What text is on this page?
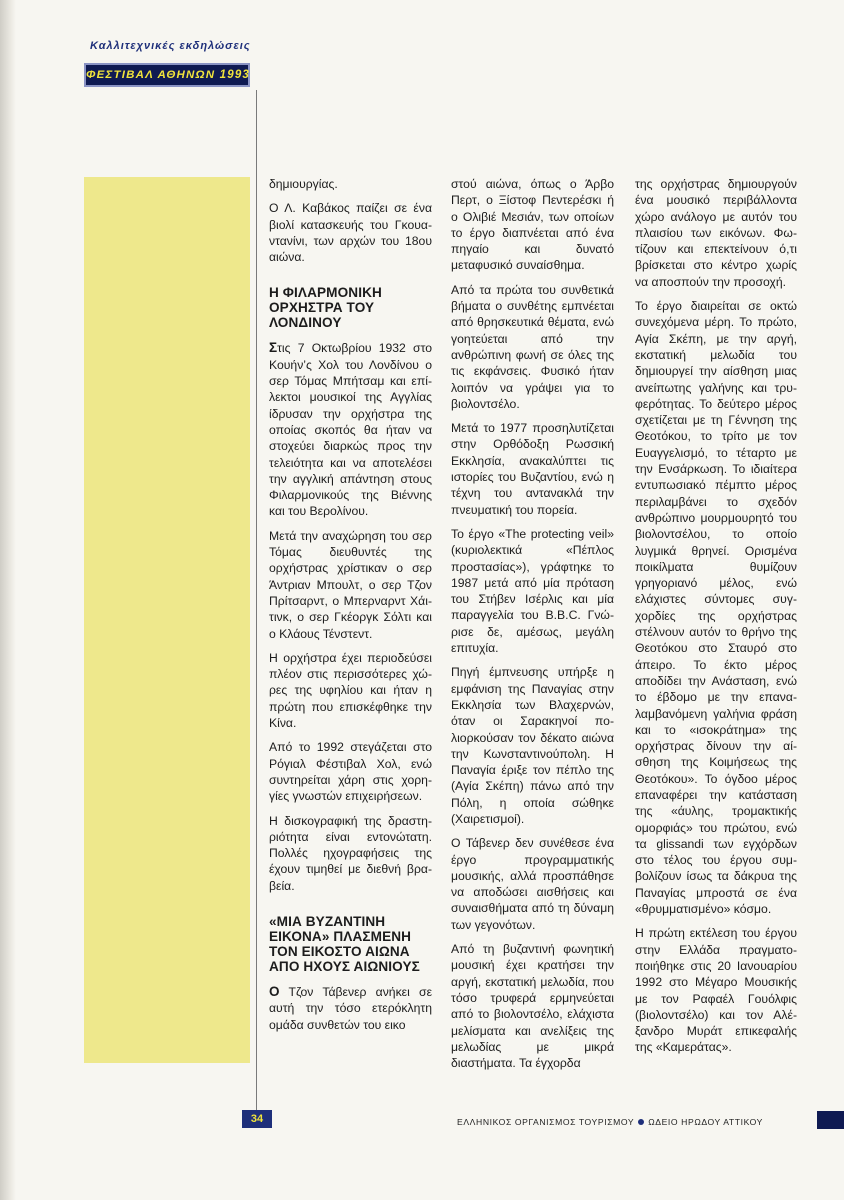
Καλλιτεχνικές εκδηλώσεις
ΦΕΣΤΙΒΑΛ ΑΘΗΝΩΝ 1993

δημιουργίας.

Ο Λ. Καβάκος παίζει σε ένα βιολί κατασκευής του Γκουαντανίνι, των αρχών του 18ου αιώνα.

Η ΦΙΛΑΡΜΟΝΙΚΗ ΟΡΧΗΣΤΡΑ ΤΟΥ ΛΟΝΔΙΝΟΥ

Στις 7 Οκτωβρίου 1932 στο Κουήν’ς Χολ του Λονδίνου ο σερ Τόμας Μπήτσαμ και επίλεκτοι μουσικοί της Αγγλίας ίδρυσαν την ορχήστρα της οποίας σκοπός θα ήταν να στοχεύει διαρκώς προς την τελειότητα και να αποτελέσει την αγγλική απάντηση στους Φιλαρμονικούς της Βιέννης και του Βερολίνου.

Μετά την αναχώρηση του σερ Τόμας διευθυντές της ορχήστρας χρίστικαν ο σερ Άντριαν Μπουλτ, ο σερ Τζον Πρίτσαρντ, ο Μπερναρντ Χάιτινκ, ο σερ Γκέοργκ Σόλτι και ο Κλάους Τένστεντ.

Η ορχήστρα έχει περιοδεύσει πλέον στις περισσότερες χώρες της υφηλίου και ήταν η πρώτη που επισκέφθηκε την Κίνα.

Από το 1992 στεγάζεται στο Ρόγιαλ Φέστιβαλ Χολ, ενώ συντηρείται χάρη στις χορηγίες γνωστών επιχειρήσεων.

Η δισκογραφική της δραστηριότητα είναι εντονώτατη. Πολλές ηχογραφήσεις της έχουν τιμηθεί με διεθνή βραβεία.

«ΜΙΑ ΒΥΖΑΝΤΙΝΗ ΕΙΚΟΝΑ» ΠΛΑΣΜΕΝΗ ΤΟΝ ΕΙΚΟΣΤΟ ΑΙΩΝΑ ΑΠΟ ΗΧΟΥΣ ΑΙΩΝΙΟΥΣ

Ο Τζον Τάβενερ ανήκει σε αυτή την τόσο ετερόκλητη ομάδα συνθετών του εικο

στού αιώνα, όπως ο Άρβο Περτ, ο Ξίστοφ Πεντερέσκι ή ο Ολιβιέ Μεσιάν, των οποίων το έργο διαπνέεται από ένα πηγαίο και δυνατό μεταφυσικό συναίσθημα.

Από τα πρώτα του συνθετικά βήματα ο συνθέτης εμπνέεται από θρησκευτικά θέματα, ενώ γοητεύεται από την ανθρώπινη φωνή σε όλες της τις εκφάνσεις. Φυσικό ήταν λοιπόν να γράψει για το βιολοντσέλο.

Μετά το 1977 προσηλυτίζεται στην Ορθόδοξη Ρωσσική Εκκλησία, ανακαλύπτει τις ιστορίες του Βυζαντίου, ενώ η τέχνη του αντανακλά την πνευματική του πορεία.

Το έργο «The protecting veil» (κυριολεκτικά «Πέπλος προστασίας»), γράφτηκε το 1987 μετά από μία πρόταση του Στήβεν Ισέρλις και μία παραγγελία του B.B.C. Γνώρισε δε, αμέσως, μεγάλη επιτυχία.

Πηγή έμπνευσης υπήρξε η εμφάνιση της Παναγίας στην Εκκλησία των Βλαχερνών, όταν οι Σαρακηνοί πολιορκούσαν τον δέκατο αιώνα την Κωνσταντινούπολη. Η Παναγία έριξε τον πέπλο της (Αγία Σκέπη) πάνω από την Πόλη, η οποία σώθηκε (Χαιρετισμοί).

Ο Τάβενερ δεν συνέθεσε ένα έργο προγραμματικής μουσικής, αλλά προσπάθησε να αποδώσει αισθήσεις και συναισθήματα από τη δύναμη των γεγονότων.

Από τη βυζαντινή φωνητική μουσική έχει κρατήσει την αργή, εκστατική μελωδία, που τόσο τρυφερά ερμηνεύεται από το βιολοντσέλο, ελάχιστα μελίσματα και ανελίξεις της μελωδίας με μικρά διαστήματα. Τα έγχορδα

της ορχήστρας δημιουργούν ένα μουσικό περιβάλλοντα χώρο ανάλογο με αυτόν του πλαισίου των εικόνων. Φωτίζουν και επεκτείνουν ό,τι βρίσκεται στο κέντρο χωρίς να αποσπούν την προσοχή.

Το έργο διαιρείται σε οκτώ συνεχόμενα μέρη. Το πρώτο, Αγία Σκέπη, με την αργή, εκστατική μελωδία του δημιουργεί την αίσθηση μιας ανείπωτης γαλήνης και τρυφερότητας. Το δεύτερο μέρος σχετίζεται με τη Γέννηση της Θεοτόκου, το τρίτο με τον Ευαγγελισμό, το τέταρτο με την Ενσάρκωση. Το ιδιαίτερα εντυπωσιακό πέμπτο μέρος περιλαμβάνει το σχεδόν ανθρώπινο μουρμουρητό του βιολοντσέλου, το οποίο λυγμικά θρηνεί. Ορισμένα ποικίλματα θυμίζουν γρηγοριανό μέλος, ενώ ελάχιστες σύντομες συγχορδίες της ορχήστρας στέλνουν αυτόν το θρήνο της Θεοτόκου στο Σταυρό στο άπειρο. Το έκτο μέρος αποδίδει την Ανάσταση, ενώ το έβδομο με την επαναλαμβανόμενη γαλήνια φράση και το «ισοκράτημα» της ορχήστρας δίνουν την αίσθηση της Κοιμήσεως της Θεοτόκου». Το όγδοο μέρος επαναφέρει την κατάσταση της «άυλης, τρομακτικής ομορφιάς» του πρώτου, ενώ τα glissandi των εγχόρδων στο τέλος του έργου συμβολίζουν ίσως τα δάκρυα της Παναγίας μπροστά σε ένα «θρυμματισμένο» κόσμο.

Η πρώτη εκτέλεση του έργου στην Ελλάδα πραγματοποιήθηκε στις 20 Ιανουαρίου 1992 στο Μέγαρο Μουσικής με τον Ραφαέλ Γουόλφις (βιολοντσέλο) και τον Αλέξανδρο Μυράτ επικεφαλής της «Καμεράτας».

34	ΕΛΛΗΝΙΚΟΣ ΟΡΓΑΝΙΣΜΟΣ ΤΟΥΡΙΣΜΟΥ ΩΔΕΙΟ ΗΡΩΔΟΥ ΑΤΤΙΚΟΥ
